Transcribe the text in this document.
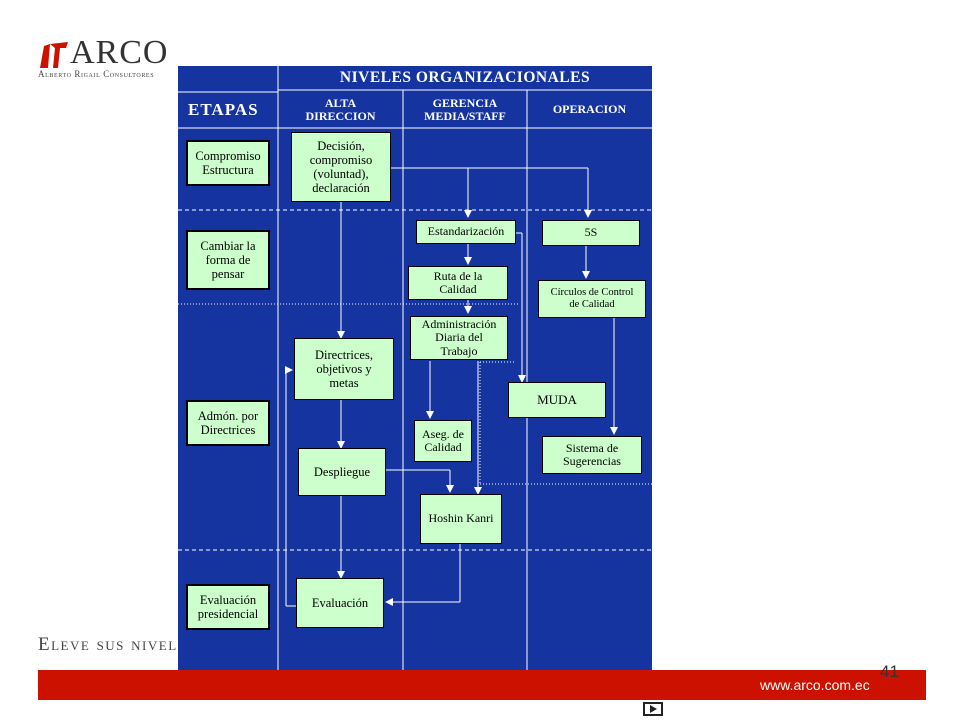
ARCO
Alberto Rigail Consultores	NIVELES ORGANIZACIONALES
ETAPAS	ALTA
DIRECCION
GERENCIA
MEDIA/STAFF
OPERACION
Compromiso
Estructura
Cambiar la
forma de
pensar
Admón. por
Directrices
Evaluación
presidencial
Decisión,
compromiso
(voluntad),
declaración
Directrices,
objetivos y
metas
Despliegue
Evaluación
Estandarización
Ruta de la
Calidad
Administración
Diaria del
Trabajo
Aseg. de
Calidad
Hoshin Kanri
5S
Círculos de Control
de Calidad
MUDA
Sistema de
Sugerencias
Eleve sus nivel
www.arco.com.ec
41
